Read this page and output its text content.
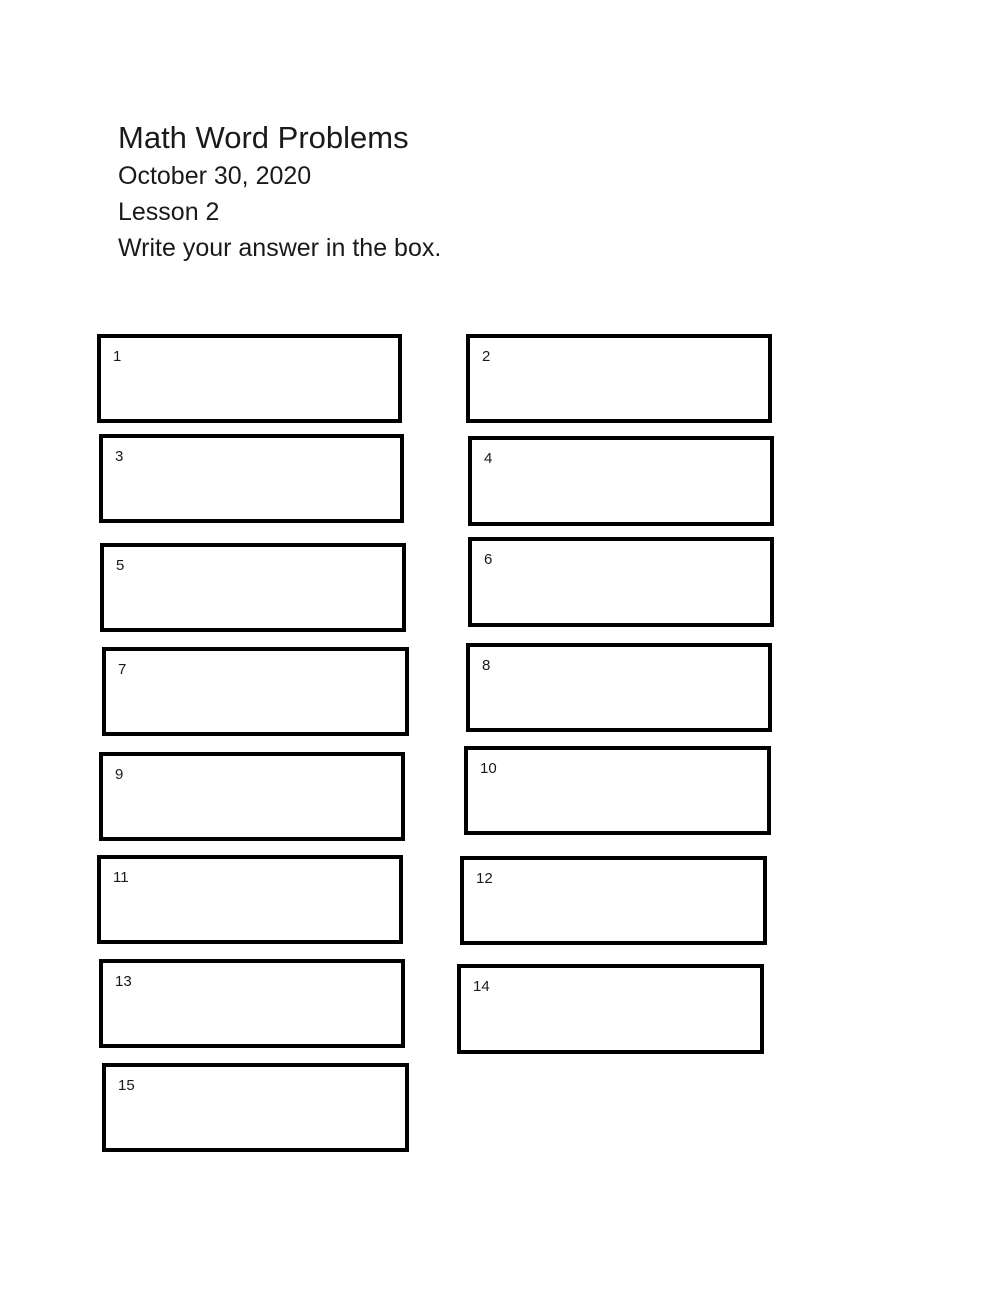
Math Word Problems

October 30, 2020

Lesson 2

Write your answer in the box.

1
3
5
7
9
11
13
15
2
4
6
8
10
12
14
